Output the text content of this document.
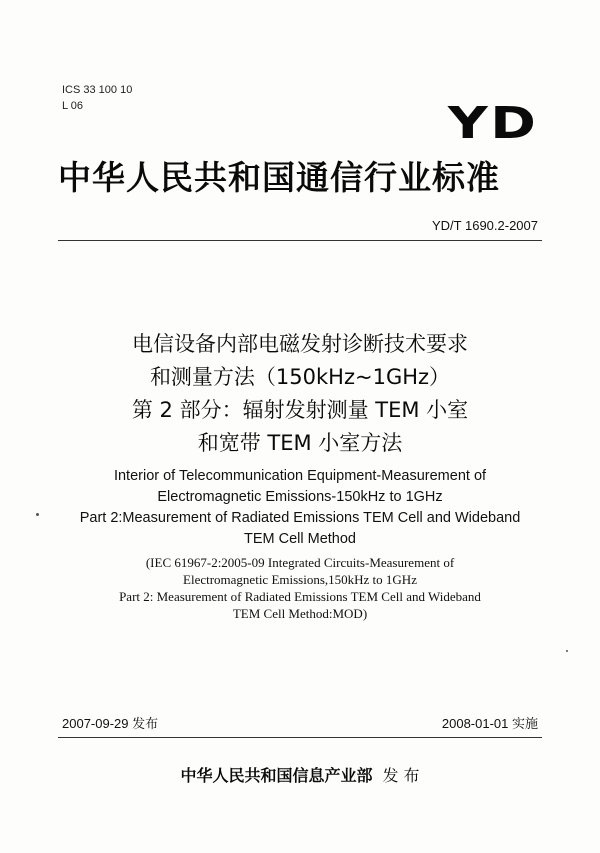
ICS 33 100 10
L 06	YD
中华人民共和国通信行业标准
YD/T 1690.2-2007
电信设备内部电磁发射诊断技术要求
和测量方法（150kHz~1GHz）
第 2 部分：辐射发射测量 TEM 小室
和宽带 TEM 小室方法
Interior of Telecommunication Equipment-Measurement of
Electromagnetic Emissions-150kHz to 1GHz
Part 2:Measurement of Radiated Emissions TEM Cell and Wideband
TEM Cell Method
(IEC 61967-2:2005-09 Integrated Circuits-Measurement of
Electromagnetic Emissions,150kHz to 1GHz
Part 2: Measurement of Radiated Emissions TEM Cell and Wideband
TEM Cell Method:MOD)
2007-09-29 发布	2008-01-01 实施
中华人民共和国信息产业部 发 布
